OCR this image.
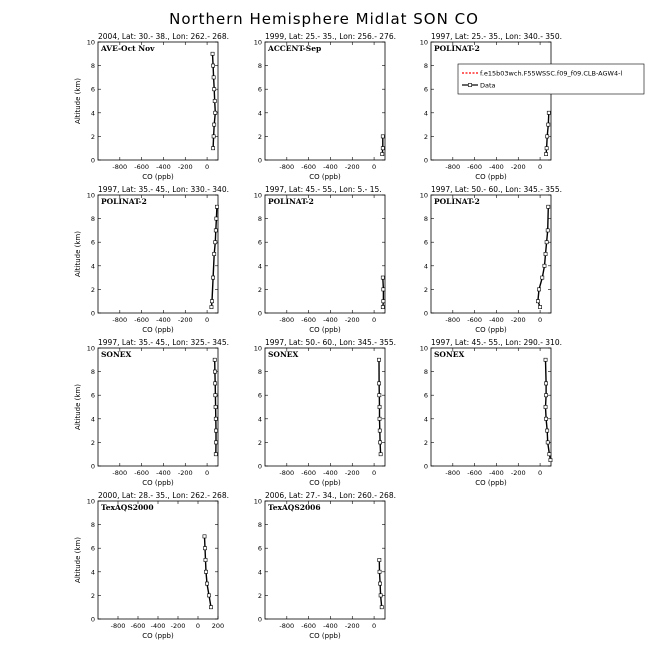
Northern Hemisphere Midlat SON CO
2004, Lat: 30.- 38., Lon: 262.- 268.
AVE-Oct Nov
-800 -600 -400 -200 0
0
2
4
6
8
10
CO (ppb)
Altitude (km)
1999, Lat: 25.- 35., Lon: 256.- 276.
ACCENT-Sep
-800 -600 -400 -200 0
0
2
4
6
8
10
CO (ppb)
1997, Lat: 25.- 35., Lon: 340.- 350.
POLINAT-2
-800 -600 -400 -200 0
0
2
4
6
8
10
CO (ppb)
1997, Lat: 35.- 45., Lon: 330.- 340.
POLINAT-2
-800 -600 -400 -200 0
0
2
4
6
8
10
CO (ppb)
Altitude (km)
1997, Lat: 45.- 55., Lon: 5.- 15.
POLINAT-2
-800 -600 -400 -200 0
0
2
4
6
8
10
CO (ppb)
1997, Lat: 50.- 60., Lon: 345.- 355.
POLINAT-2
-800 -600 -400 -200 0
0
2
4
6
8
10
CO (ppb)
1997, Lat: 35.- 45., Lon: 325.- 345.
SONEX
-800 -600 -400 -200 0
0
2
4
6
8
10
CO (ppb)
Altitude (km)
1997, Lat: 50.- 60., Lon: 345.- 355.
SONEX
-800 -600 -400 -200 0
0
2
4
6
8
10
CO (ppb)
1997, Lat: 45.- 55., Lon: 290.- 310.
SONEX
-800 -600 -400 -200 0
0
2
4
6
8
10
CO (ppb)
2000, Lat: 28.- 35., Lon: 262.- 268.
TexAQS2000
-800 -600 -400 -200 0 200
0
2
4
6
8
10
CO (ppb)
Altitude (km)
2006, Lat: 27.- 34., Lon: 260.- 268.
TexAQS2006
-800 -600 -400 -200 0
0
2
4
6
8
10
CO (ppb)
f.e15b03wch.F55WSSC.f09_f09.CLB-AGW4-l
Data
